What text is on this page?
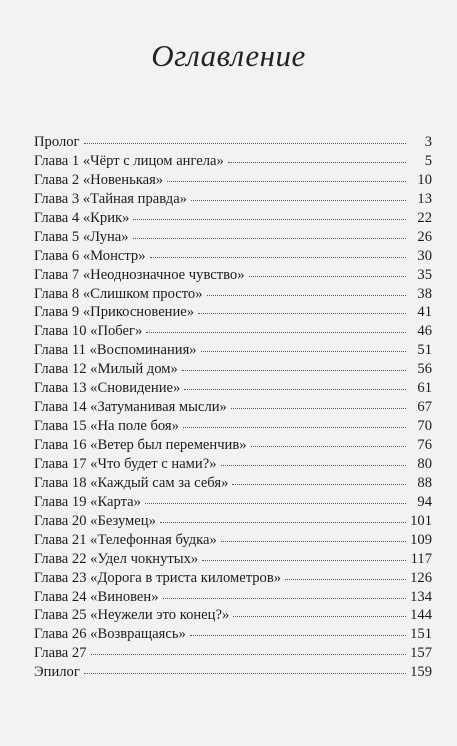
Оглавление
Пролог	3
Глава 1 «Чёрт с лицом ангела»	5
Глава 2 «Новенькая»	10
Глава 3 «Тайная правда»	13
Глава 4 «Крик»	22
Глава 5 «Луна»	26
Глава 6 «Монстр»	30
Глава 7 «Неоднозначное чувство»	35
Глава 8 «Слишком просто»	38
Глава 9 «Прикосновение»	41
Глава 10 «Побег»	46
Глава 11 «Воспоминания»	51
Глава 12 «Милый дом»	56
Глава 13 «Сновидение»	61
Глава 14 «Затуманивая мысли»	67
Глава 15 «На поле боя»	70
Глава 16 «Ветер был переменчив»	76
Глава 17 «Что будет с нами?»	80
Глава 18 «Каждый сам за себя»	88
Глава 19 «Карта»	94
Глава 20 «Безумец»	101
Глава 21 «Телефонная будка»	109
Глава 22 «Удел чокнутых»	117
Глава 23 «Дорога в триста километров»	126
Глава 24 «Виновен»	134
Глава 25 «Неужели это конец?»	144
Глава 26 «Возвращаясь»	151
Глава 27	157
Эпилог	159
